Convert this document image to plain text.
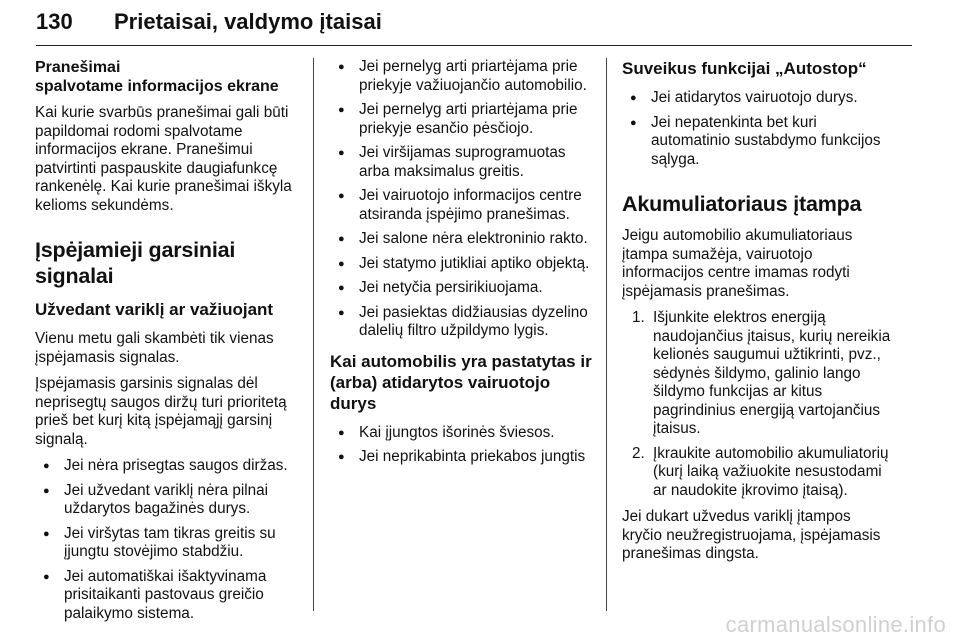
130 Prietaisai, valdymo įtaisai
Pranešimai
spalvotame informacijos ekrane

Kai kurie svarbūs pranešimai gali būti papildomai rodomi spalvotame informacijos ekrane. Pranešimui patvirtinti paspauskite daugiafunkcę rankenėlę. Kai kurie pranešimai iškyla kelioms sekundėms.

Įspėjamieji garsiniai signalai
Užvedant variklį ar važiuojant

Vienu metu gali skambėti tik vienas įspėjamasis signalas.

Įspėjamasis garsinis signalas dėl neprisegtų saugos diržų turi prioritetą prieš bet kurį kitą įspėjamąjį garsinį signalą.

● Jei nėra prisegtas saugos diržas.
● Jei užvedant variklį nėra pilnai uždarytos bagažinės durys.
● Jei viršytas tam tikras greitis su įjungtu stovėjimo stabdžiu.
● Jei automatiškai išaktyvinama prisitaikanti pastovaus greičio palaikymo sistema.
● Jei pernelyg arti priartėjama prie priekyje važiuojančio automobilio.
● Jei pernelyg arti priartėjama prie priekyje esančio pėsčiojo.
● Jei viršijamas suprogramuotas arba maksimalus greitis.
● Jei vairuotojo informacijos centre atsiranda įspėjimo pranešimas.
● Jei salone nėra elektroninio rakto.
● Jei statymo jutikliai aptiko objektą.
● Jei netyčia persirikiuojama.
● Jei pasiektas didžiausias dyzelino dalelių filtro užpildymo lygis.
Kai automobilis yra pastatytas ir (arba) atidarytos vairuotojo durys
● Kai įjungtos išorinės šviesos.
● Jei neprikabinta priekabos jungtis
Suveikus funkcijai „Autostop“
● Jei atidarytos vairuotojo durys.
● Jei nepatenkinta bet kuri automatinio sustabdymo funkcijos sąlyga.
Akumuliatoriaus įtampa

Jeigu automobilio akumuliatoriaus įtampa sumažėja, vairuotojo informacijos centre imamas rodyti įspėjamasis pranešimas.

1. Išjunkite elektros energiją naudojančius įtaisus, kurių nereikia kelionės saugumui užtikrinti, pvz., sėdynės šildymo, galinio lango šildymo funkcijas ar kitus pagrindinius energiją vartojančius įtaisus.
2. Įkraukite automobilio akumuliatorių (kurį laiką važiuokite nesustodami ar naudokite įkrovimo įtaisą).

Jei dukart užvedus variklį įtampos kryčio neužregistruojama, įspėjamasis pranešimas dingsta.

carmanualsonline.info
